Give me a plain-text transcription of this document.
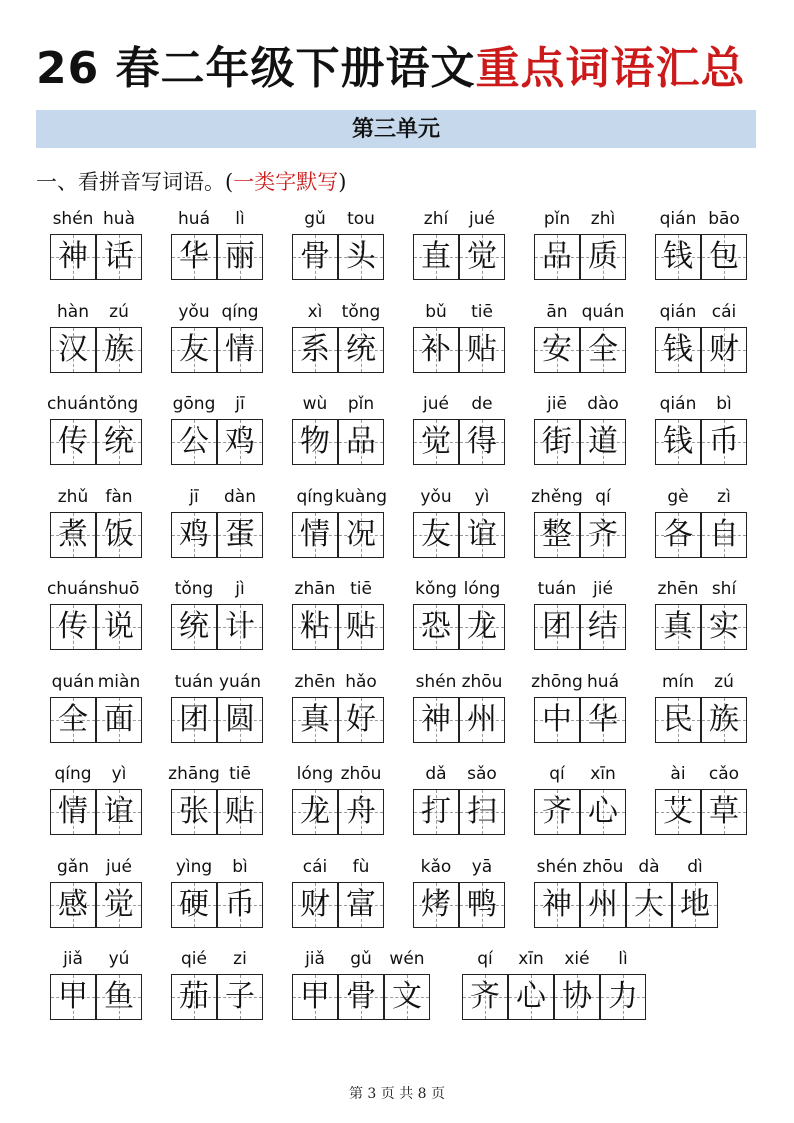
26 春二年级下册语文重点词语汇总
第三单元
一、看拼音写词语。(一类字默写)
shén
神
huà
话
huá
华
lì
丽
gǔ
骨
tou
头
zhí
直
jué
觉
pǐn
品
zhì
质
qián
钱
bāo
包
hàn
汉
zú
族
yǒu
友
qíng
情
xì
系
tǒng
统
bǔ
补
tiē
贴
ān
安
quán
全
qián
钱
cái
财
chuán
传
tǒng
统
gōng
公
jī
鸡
wù
物
pǐn
品
jué
觉
de
得
jiē
街
dào
道
qián
钱
bì
币
zhǔ
煮
fàn
饭
jī
鸡
dàn
蛋
qíng
情
kuàng
况
yǒu
友
yì
谊
zhěng
整
qí
齐
gè
各
zì
自
chuán
传
shuō
说
tǒng
统
jì
计
zhān
粘
tiē
贴
kǒng
恐
lóng
龙
tuán
团
jié
结
zhēn
真
shí
实
quán
全
miàn
面
tuán
团
yuán
圆
zhēn
真
hǎo
好
shén
神
zhōu
州
zhōng
中
huá
华
mín
民
zú
族
qíng
情
yì
谊
zhāng
张
tiē
贴
lóng
龙
zhōu
舟
dǎ
打
sǎo
扫
qí
齐
xīn
心
ài
艾
cǎo
草
gǎn
感
jué
觉
yìng
硬
bì
币
cái
财
fù
富
kǎo
烤
yā
鸭
shén
神
zhōu
州
dà
大
dì
地
jiǎ
甲
yú
鱼
qié
茄
zi
子
jiǎ
甲
gǔ
骨
wén
文
qí
齐
xīn
心
xié
协
lì
力
第 3 页 共 8 页
